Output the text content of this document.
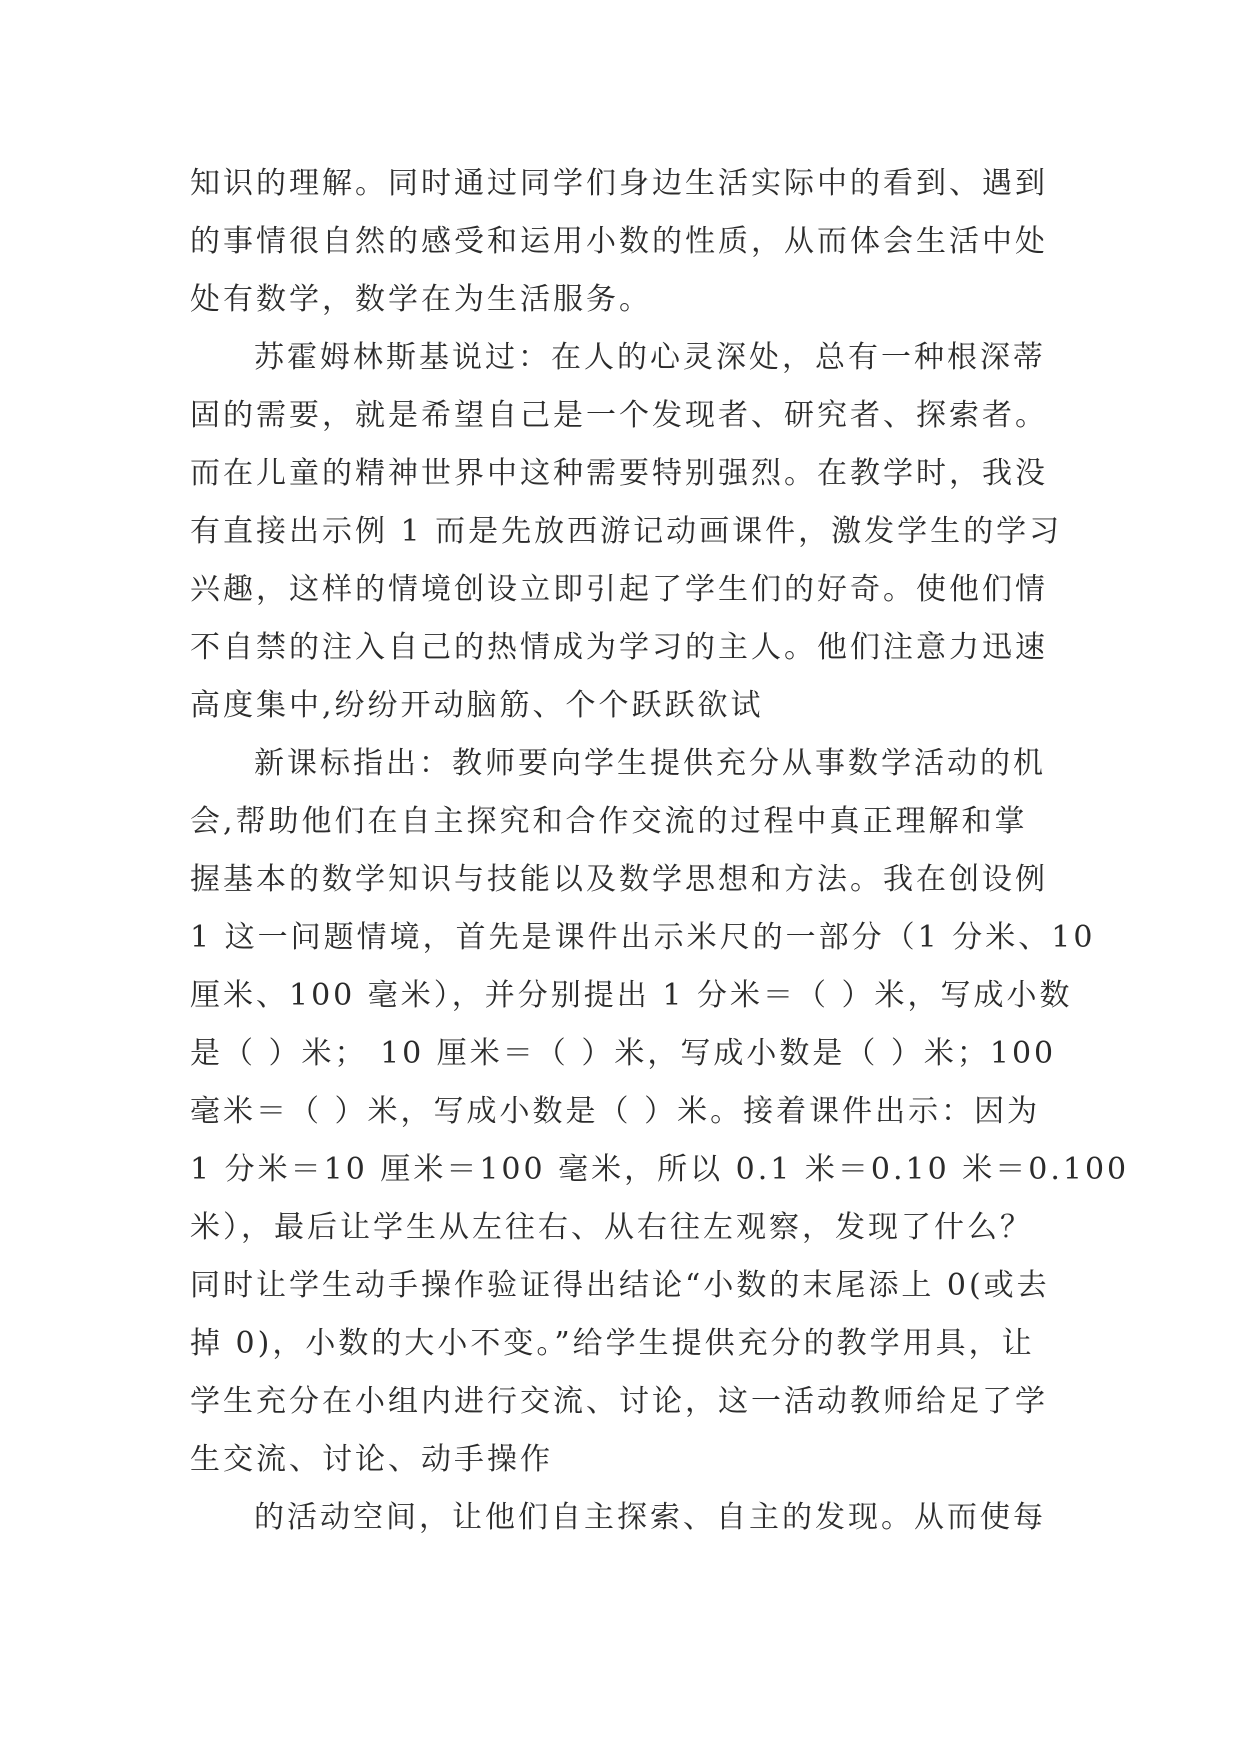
知识的理解。同时通过同学们身边生活实际中的看到、遇到
的事情很自然的感受和运用小数的性质，从而体会生活中处
处有数学，数学在为生活服务。
苏霍姆林斯基说过：在人的心灵深处，总有一种根深蒂
固的需要，就是希望自己是一个发现者、研究者、探索者。
而在儿童的精神世界中这种需要特别强烈。在教学时，我没
有直接出示例 1 而是先放西游记动画课件，激发学生的学习
兴趣，这样的情境创设立即引起了学生们的好奇。使他们情
不自禁的注入自己的热情成为学习的主人。他们注意力迅速
高度集中,纷纷开动脑筋、个个跃跃欲试
新课标指出：教师要向学生提供充分从事数学活动的机
会,帮助他们在自主探究和合作交流的过程中真正理解和掌
握基本的数学知识与技能以及数学思想和方法。我在创设例
1 这一问题情境，首先是课件出示米尺的一部分（1 分米、10
厘米、100 毫米），并分别提出 1 分米＝（ ）米，写成小数
是（ ）米； 10 厘米＝（ ）米，写成小数是（ ）米；100
毫米＝（ ）米，写成小数是（ ）米。接着课件出示：因为
1 分米＝10 厘米＝100 毫米，所以 0.1 米＝0.10 米＝0.100
米），最后让学生从左往右、从右往左观察，发现了什么？
同时让学生动手操作验证得出结论“小数的末尾添上 0(或去
掉 0)，小数的大小不变。”给学生提供充分的教学用具，让
学生充分在小组内进行交流、讨论，这一活动教师给足了学
生交流、讨论、动手操作
的活动空间，让他们自主探索、自主的发现。从而使每
